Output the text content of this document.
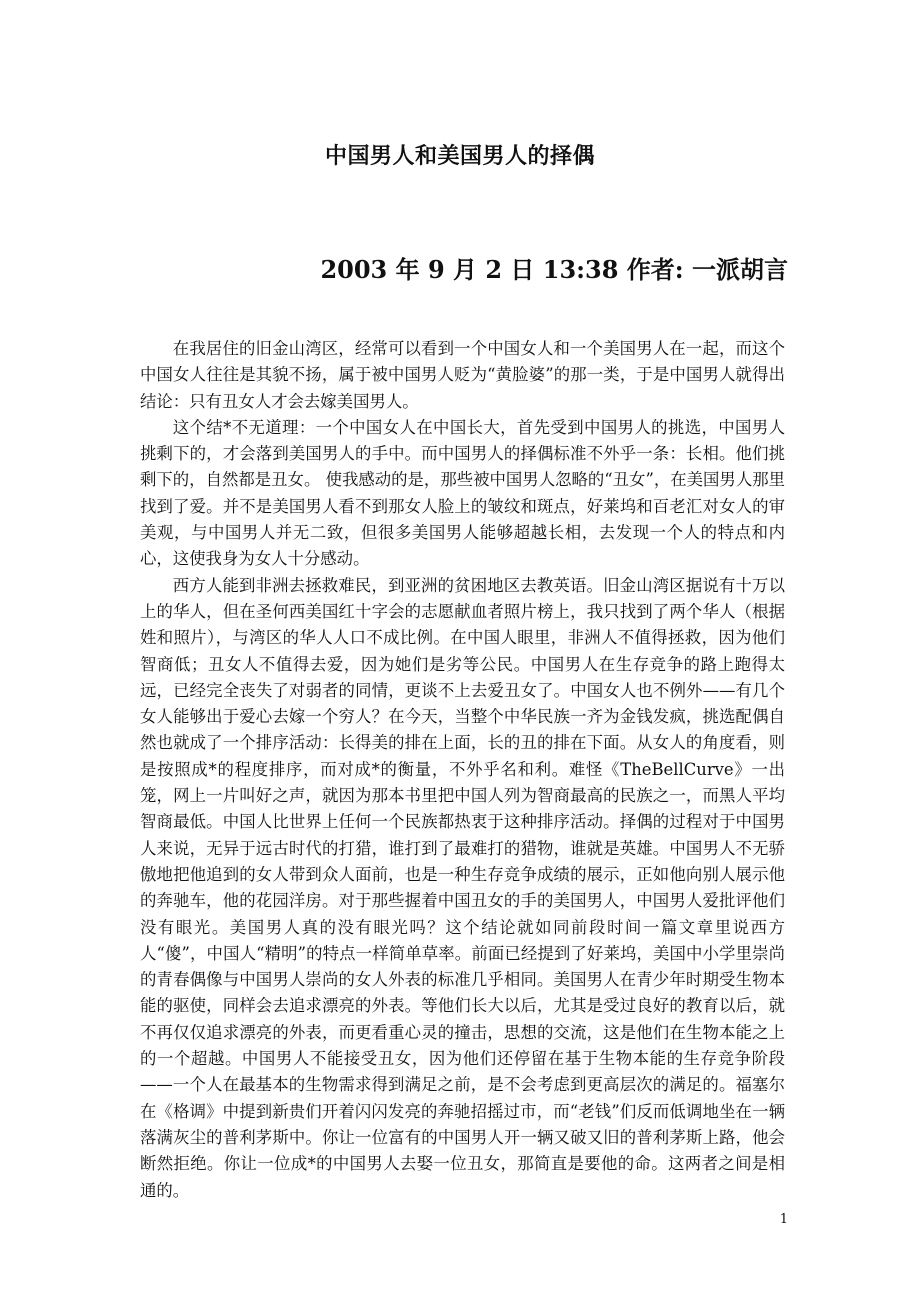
中国男人和美国男人的择偶
2003 年 9 月 2 日 13:38 作者: 一派胡言

在我居住的旧金山湾区，经常可以看到一个中国女人和一个美国男人在一起，而这个中国女人往往是其貌不扬，属于被中国男人贬为“黄脸婆”的那一类，于是中国男人就得出结论：只有丑女人才会去嫁美国男人。

这个结*不无道理：一个中国女人在中国长大，首先受到中国男人的挑选，中国男人挑剩下的，才会落到美国男人的手中。而中国男人的择偶标准不外乎一条：长相。他们挑剩下的，自然都是丑女。 使我感动的是，那些被中国男人忽略的“丑女”，在美国男人那里找到了爱。并不是美国男人看不到那女人脸上的皱纹和斑点，好莱坞和百老汇对女人的审美观，与中国男人并无二致，但很多美国男人能够超越长相，去发现一个人的特点和内心，这使我身为女人十分感动。

西方人能到非洲去拯救难民，到亚洲的贫困地区去教英语。旧金山湾区据说有十万以上的华人，但在圣何西美国红十字会的志愿献血者照片榜上，我只找到了两个华人（根据姓和照片），与湾区的华人人口不成比例。在中国人眼里，非洲人不值得拯救，因为他们智商低；丑女人不值得去爱，因为她们是劣等公民。中国男人在生存竞争的路上跑得太远，已经完全丧失了对弱者的同情，更谈不上去爱丑女了。中国女人也不例外——有几个女人能够出于爱心去嫁一个穷人？在今天，当整个中华民族一齐为金钱发疯，挑选配偶自然也就成了一个排序活动：长得美的排在上面，长的丑的排在下面。从女人的角度看，则是按照成*的程度排序，而对成*的衡量，不外乎名和利。难怪《TheBellCurve》一出笼，网上一片叫好之声，就因为那本书里把中国人列为智商最高的民族之一，而黑人平均智商最低。中国人比世界上任何一个民族都热衷于这种排序活动。择偶的过程对于中国男人来说，无异于远古时代的打猎，谁打到了最难打的猎物，谁就是英雄。中国男人不无骄傲地把他追到的女人带到众人面前，也是一种生存竞争成绩的展示，正如他向别人展示他的奔驰车，他的花园洋房。对于那些握着中国丑女的手的美国男人，中国男人爱批评他们没有眼光。美国男人真的没有眼光吗？这个结论就如同前段时间一篇文章里说西方人“傻”，中国人“精明”的特点一样简单草率。前面已经提到了好莱坞，美国中小学里崇尚的青春偶像与中国男人崇尚的女人外表的标准几乎相同。美国男人在青少年时期受生物本能的驱使，同样会去追求漂亮的外表。等他们长大以后，尤其是受过良好的教育以后，就不再仅仅追求漂亮的外表，而更看重心灵的撞击，思想的交流，这是他们在生物本能之上的一个超越。中国男人不能接受丑女，因为他们还停留在基于生物本能的生存竞争阶段——一个人在最基本的生物需求得到满足之前，是不会考虑到更高层次的满足的。福塞尔在《格调》中提到新贵们开着闪闪发亮的奔驰招摇过市，而“老钱”们反而低调地坐在一辆落满灰尘的普利茅斯中。你让一位富有的中国男人开一辆又破又旧的普利茅斯上路，他会断然拒绝。你让一位成*的中国男人去娶一位丑女，那简直是要他的命。这两者之间是相通的。

1
